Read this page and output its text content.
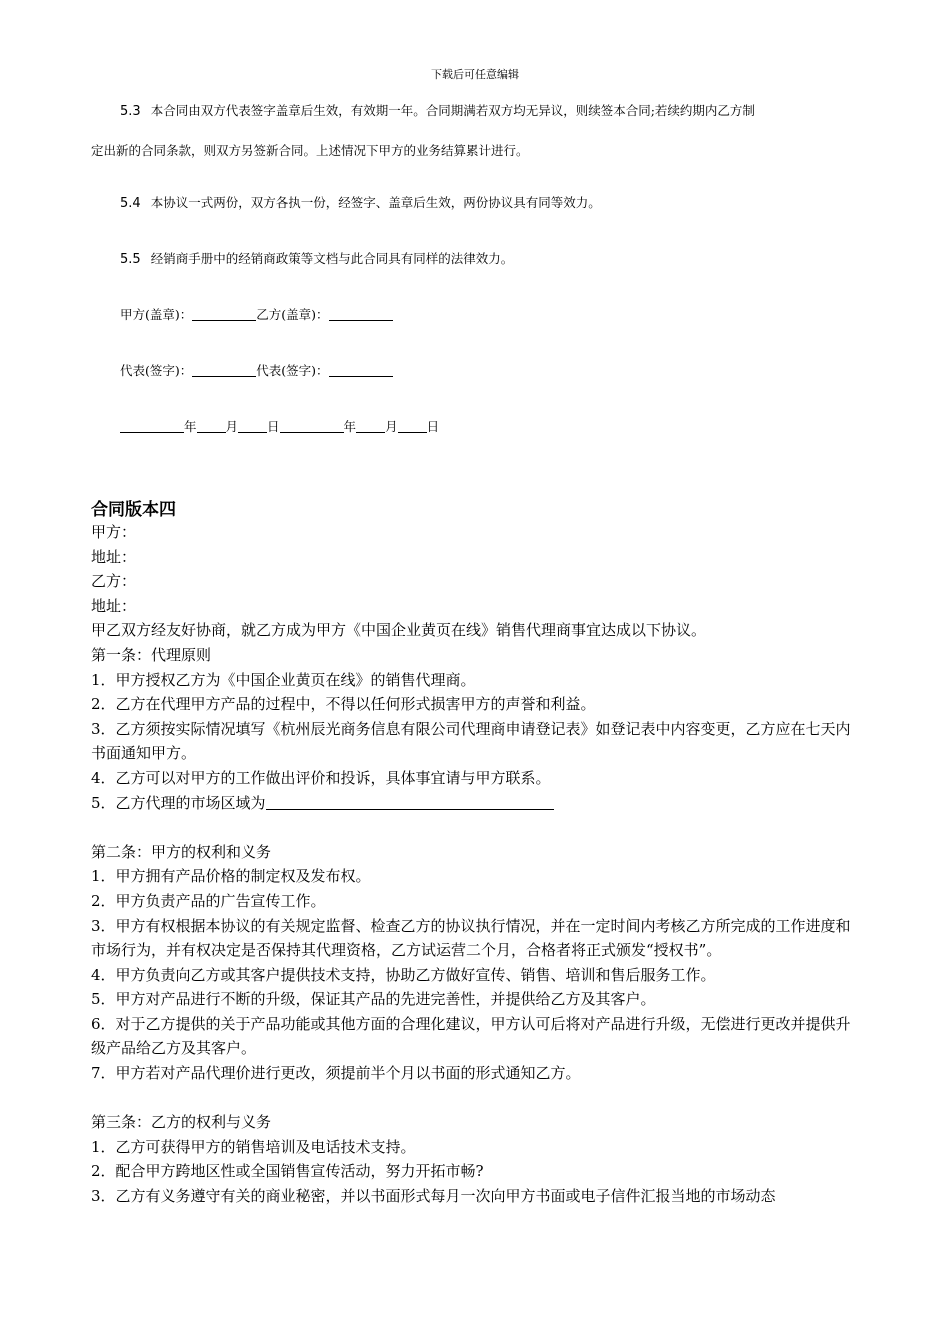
下载后可任意编辑
5.3 本合同由双方代表签字盖章后生效，有效期一年。合同期满若双方均无异议，则续签本合同;若续约期内乙方制
定出新的合同条款，则双方另签新合同。上述情况下甲方的业务结算累计进行。
5.4 本协议一式两份，双方各执一份，经签字、盖章后生效，两份协议具有同等效力。
5.5 经销商手册中的经销商政策等文档与此合同具有同样的法律效力。
甲方(盖章)：	乙方(盖章)：
代表(签字)：	代表(签字)：
年 月 日	年 月 日
合同版本四

甲方：

地址：

乙方：

地址：

甲乙双方经友好协商，就乙方成为甲方《中国企业黄页在线》销售代理商事宜达成以下协议。

第一条：代理原则

1．甲方授权乙方为《中国企业黄页在线》的销售代理商。

2．乙方在代理甲方产品的过程中，不得以任何形式损害甲方的声誉和利益。

3．乙方须按实际情况填写《杭州辰光商务信息有限公司代理商申请登记表》如登记表中内容变更，乙方应在七天内书面通知甲方。

4．乙方可以对甲方的工作做出评价和投诉，具体事宜请与甲方联系。

5．乙方代理的市场区域为

第二条：甲方的权利和义务

1．甲方拥有产品价格的制定权及发布权。

2．甲方负责产品的广告宣传工作。

3．甲方有权根据本协议的有关规定监督、检查乙方的协议执行情况，并在一定时间内考核乙方所完成的工作进度和市场行为，并有权决定是否保持其代理资格，乙方试运营二个月，合格者将正式颁发“授权书”。

4．甲方负责向乙方或其客户提供技术支持，协助乙方做好宣传、销售、培训和售后服务工作。

5．甲方对产品进行不断的升级，保证其产品的先进完善性，并提供给乙方及其客户。

6．对于乙方提供的关于产品功能或其他方面的合理化建议，甲方认可后将对产品进行升级，无偿进行更改并提供升级产品给乙方及其客户。

7．甲方若对产品代理价进行更改，须提前半个月以书面的形式通知乙方。

第三条：乙方的权利与义务

1．乙方可获得甲方的销售培训及电话技术支持。

2．配合甲方跨地区性或全国销售宣传活动，努力开拓市畅?

3．乙方有义务遵守有关的商业秘密，并以书面形式每月一次向甲方书面或电子信件汇报当地的市场动态
